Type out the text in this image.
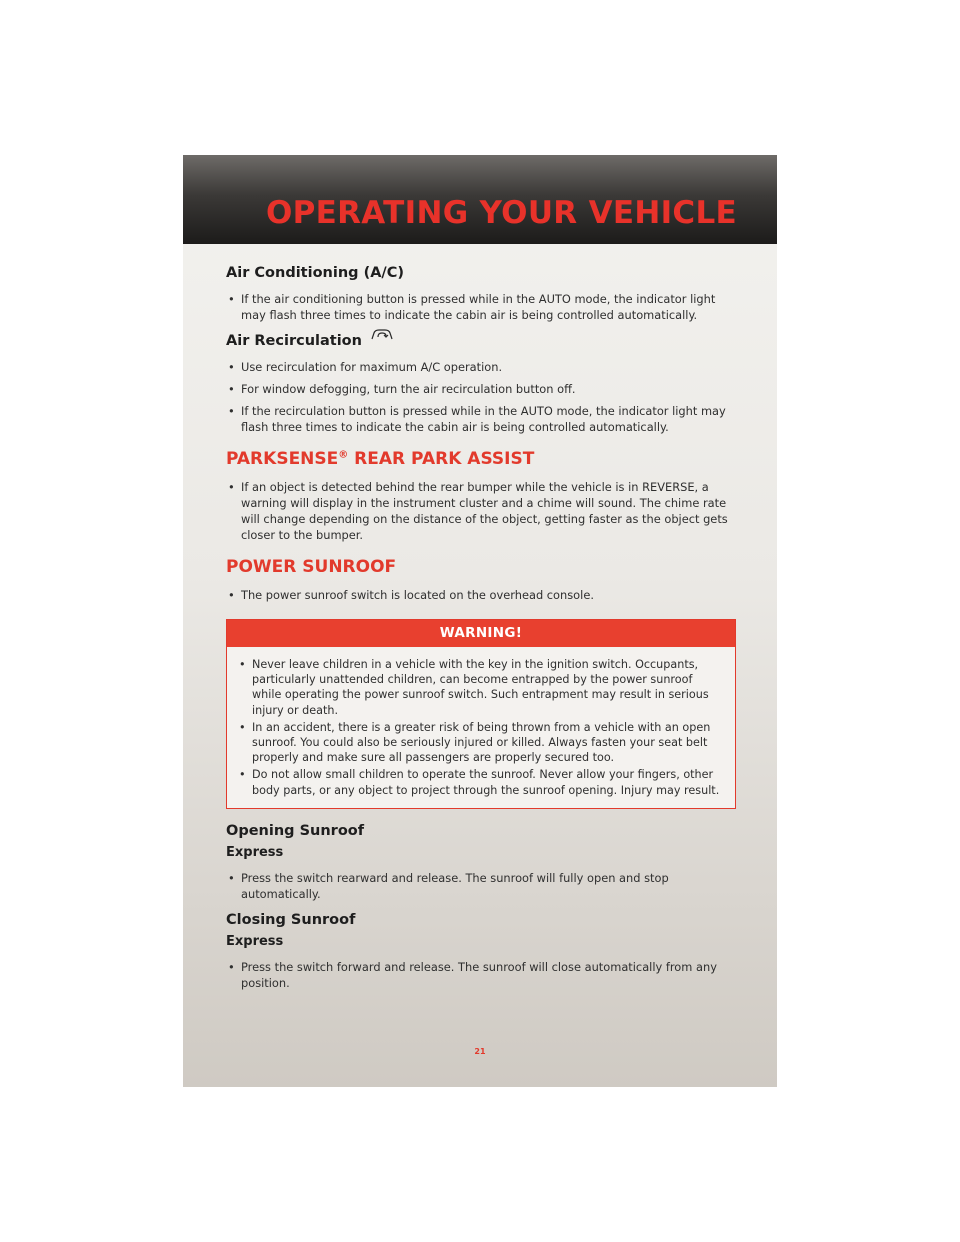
OPERATING YOUR VEHICLE
Air Conditioning (A/C)
• If the air conditioning button is pressed while in the AUTO mode, the indicator light may flash three times to indicate the cabin air is being controlled automatically.
Air Recirculation
• Use recirculation for maximum A/C operation.
• For window defogging, turn the air recirculation button off.
• If the recirculation button is pressed while in the AUTO mode, the indicator light may flash three times to indicate the cabin air is being controlled automatically.
PARKSENSE® REAR PARK ASSIST
• If an object is detected behind the rear bumper while the vehicle is in REVERSE, a warning will display in the instrument cluster and a chime will sound. The chime rate will change depending on the distance of the object, getting faster as the object gets closer to the bumper.
POWER SUNROOF
• The power sunroof switch is located on the overhead console.
WARNING!
• Never leave children in a vehicle with the key in the ignition switch. Occupants, particularly unattended children, can become entrapped by the power sunroof while operating the power sunroof switch. Such entrapment may result in serious injury or death.
• In an accident, there is a greater risk of being thrown from a vehicle with an open sunroof. You could also be seriously injured or killed. Always fasten your seat belt properly and make sure all passengers are properly secured too.
• Do not allow small children to operate the sunroof. Never allow your fingers, other body parts, or any object to project through the sunroof opening. Injury may result.
Opening Sunroof
Express
• Press the switch rearward and release. The sunroof will fully open and stop automatically.
Closing Sunroof
Express
• Press the switch forward and release. The sunroof will close automatically from any position.
21
